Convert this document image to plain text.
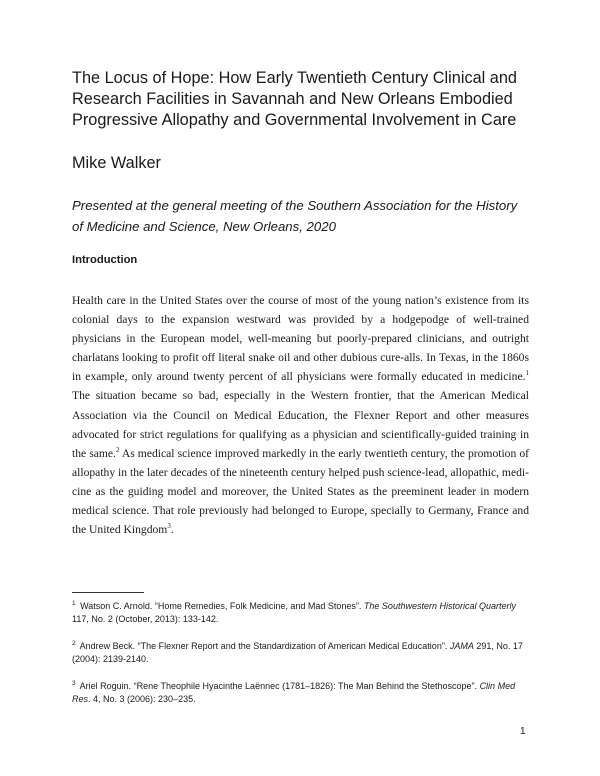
The Locus of Hope: How Early Twentieth Century Clinical and Research Facilities in Savannah and New Orleans Embodied Progressive Allopathy and Governmental Involvement in Care

Mike Walker

Presented at the general meeting of the Southern Association for the History of Medicine and Science, New Orleans, 2020

Introduction

Health care in the United States over the course of most of the young nation’s existence from its colonial days to the expansion westward was provided by a hodgepodge of well-trained physicians in the European model, well-meaning but poorly-prepared clinicians, and outright charlatans looking to profit off literal snake oil and other dubious cure-alls. In Texas, in the 1860s in example, only around twenty percent of all physicians were formally educated in medicine.$^1$ The situation became so bad, especially in the Western frontier, that the American Medical Association via the Council on Medical Education, the Flexner Report and other measures advocated for strict regulations for qualifying as a physician and scientifically-guided training in the same.$^2$ As medical science improved markedly in the early twentieth century, the promotion of allopathy in the later decades of the nineteenth century helped push science-lead, allopathic, medicine as the guiding model and moreover, the United States as the preeminent leader in modern medical science. That role previously had belonged to Europe, specially to Germany, France and the United Kingdom$^3$.

$^1$ Watson C. Arnold. “Home Remedies, Folk Medicine, and Mad Stones”. The Southwestern Historical Quarterly 117, No. 2 (October, 2013): 133-142.

$^2$ Andrew Beck. “The Flexner Report and the Standardization of American Medical Education”. JAMA 291, No. 17 (2004): 2139-2140.

$^3$ Ariel Roguin. “Rene Theophile Hyacinthe Laënnec (1781–1826): The Man Behind the Stethoscope”. Clin Med Res. 4, No. 3 (2006): 230–235.

1
